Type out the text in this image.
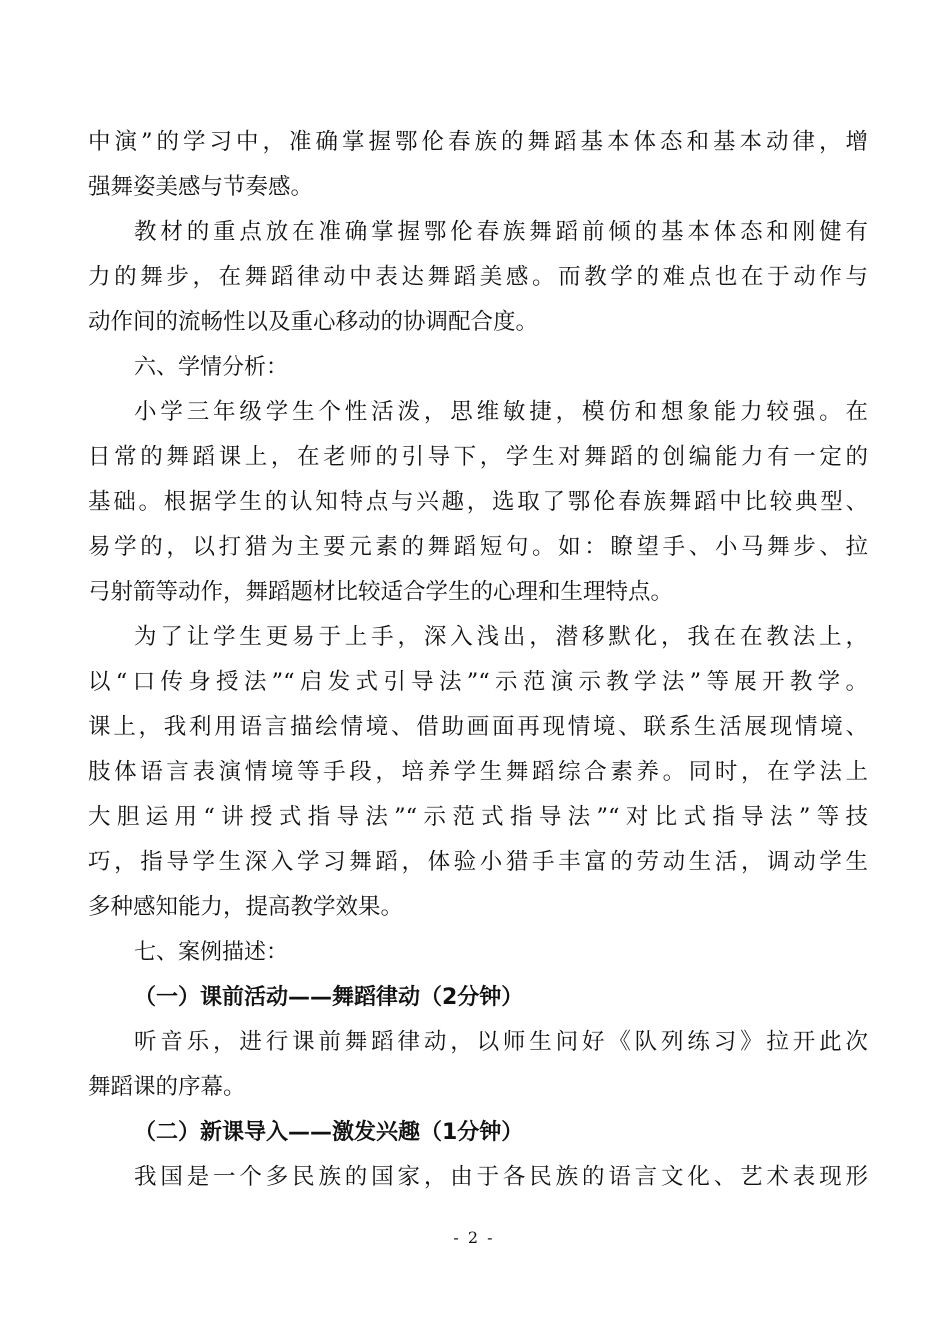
中演”的学习中，准确掌握鄂伦春族的舞蹈基本体态和基本动律，增
强舞姿美感与节奏感。
教材的重点放在准确掌握鄂伦春族舞蹈前倾的基本体态和刚健有
力的舞步，在舞蹈律动中表达舞蹈美感。而教学的难点也在于动作与
动作间的流畅性以及重心移动的协调配合度。
六、学情分析：
小学三年级学生个性活泼，思维敏捷，模仿和想象能力较强。在
日常的舞蹈课上，在老师的引导下，学生对舞蹈的创编能力有一定的
基础。根据学生的认知特点与兴趣，选取了鄂伦春族舞蹈中比较典型、
易学的，以打猎为主要元素的舞蹈短句。如：瞭望手、小马舞步、拉
弓射箭等动作，舞蹈题材比较适合学生的心理和生理特点。
为了让学生更易于上手，深入浅出，潜移默化，我在在教法上，
以“口传身授法”“启发式引导法”“示范演示教学法”等展开教学。
课上，我利用语言描绘情境、借助画面再现情境、联系生活展现情境、
肢体语言表演情境等手段，培养学生舞蹈综合素养。同时，在学法上
大胆运用“讲授式指导法”“示范式指导法”“对比式指导法”等技
巧，指导学生深入学习舞蹈，体验小猎手丰富的劳动生活，调动学生
多种感知能力，提高教学效果。
七、案例描述：
（一）课前活动——舞蹈律动（2分钟）
听音乐，进行课前舞蹈律动，以师生问好《队列练习》拉开此次
舞蹈课的序幕。
（二）新课导入——激发兴趣（1分钟）
我国是一个多民族的国家，由于各民族的语言文化、艺术表现形
- 2 -
